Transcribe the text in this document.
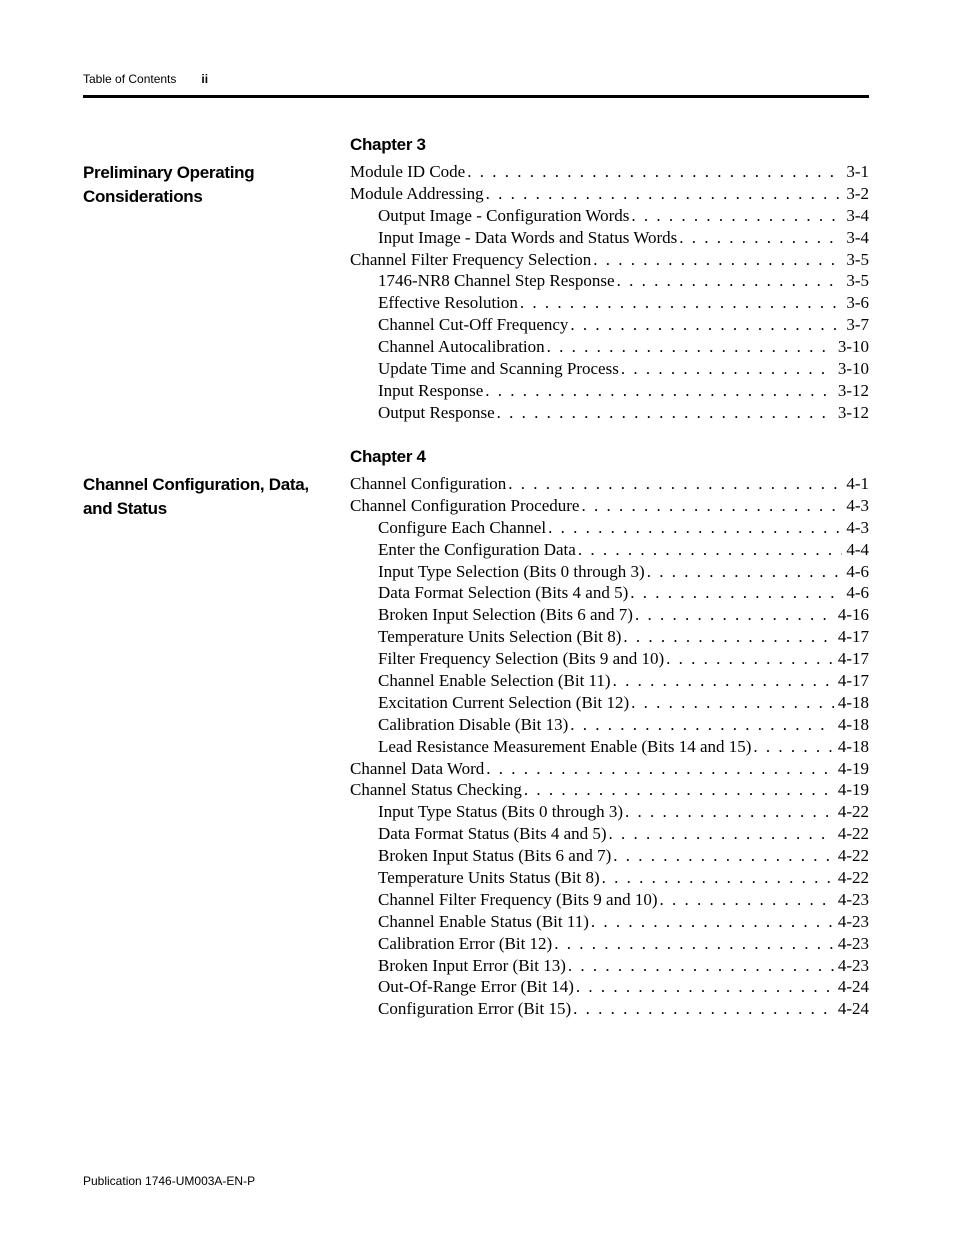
Table of Contents ii
Chapter 3
Preliminary Operating Considerations
Module ID Code . . .	3-1
Module Addressing . . .	3-2
Output Image - Configuration Words . . .	3-4
Input Image - Data Words and Status Words . . .	3-4
Channel Filter Frequency Selection . . .	3-5
1746-NR8 Channel Step Response . . .	3-5
Effective Resolution . . .	3-6
Channel Cut-Off Frequency . . .	3-7
Channel Autocalibration . . .	3-10
Update Time and Scanning Process . . .	3-10
Input Response . . .	3-12
Output Response . . .	3-12
Chapter 4
Channel Configuration, Data, and Status
Channel Configuration . . .	4-1
Channel Configuration Procedure . . .	4-3
Configure Each Channel . . .	4-3
Enter the Configuration Data . . .	4-4
Input Type Selection (Bits 0 through 3) . . .	4-6
Data Format Selection (Bits 4 and 5) . . .	4-6
Broken Input Selection (Bits 6 and 7) . . .	4-16
Temperature Units Selection (Bit 8) . . .	4-17
Filter Frequency Selection (Bits 9 and 10) . . .	4-17
Channel Enable Selection (Bit 11) . . .	4-17
Excitation Current Selection (Bit 12) . . .	4-18
Calibration Disable (Bit 13) . . .	4-18
Lead Resistance Measurement Enable (Bits 14 and 15) . . .	4-18
Channel Data Word . . .	4-19
Channel Status Checking . . .	4-19
Input Type Status (Bits 0 through 3) . . .	4-22
Data Format Status (Bits 4 and 5) . . .	4-22
Broken Input Status (Bits 6 and 7) . . .	4-22
Temperature Units Status (Bit 8) . . .	4-22
Channel Filter Frequency (Bits 9 and 10) . . .	4-23
Channel Enable Status (Bit 11) . . .	4-23
Calibration Error (Bit 12) . . .	4-23
Broken Input Error (Bit 13) . . .	4-23
Out-Of-Range Error (Bit 14) . . .	4-24
Configuration Error (Bit 15) . . .	4-24
Publication 1746-UM003A-EN-P
